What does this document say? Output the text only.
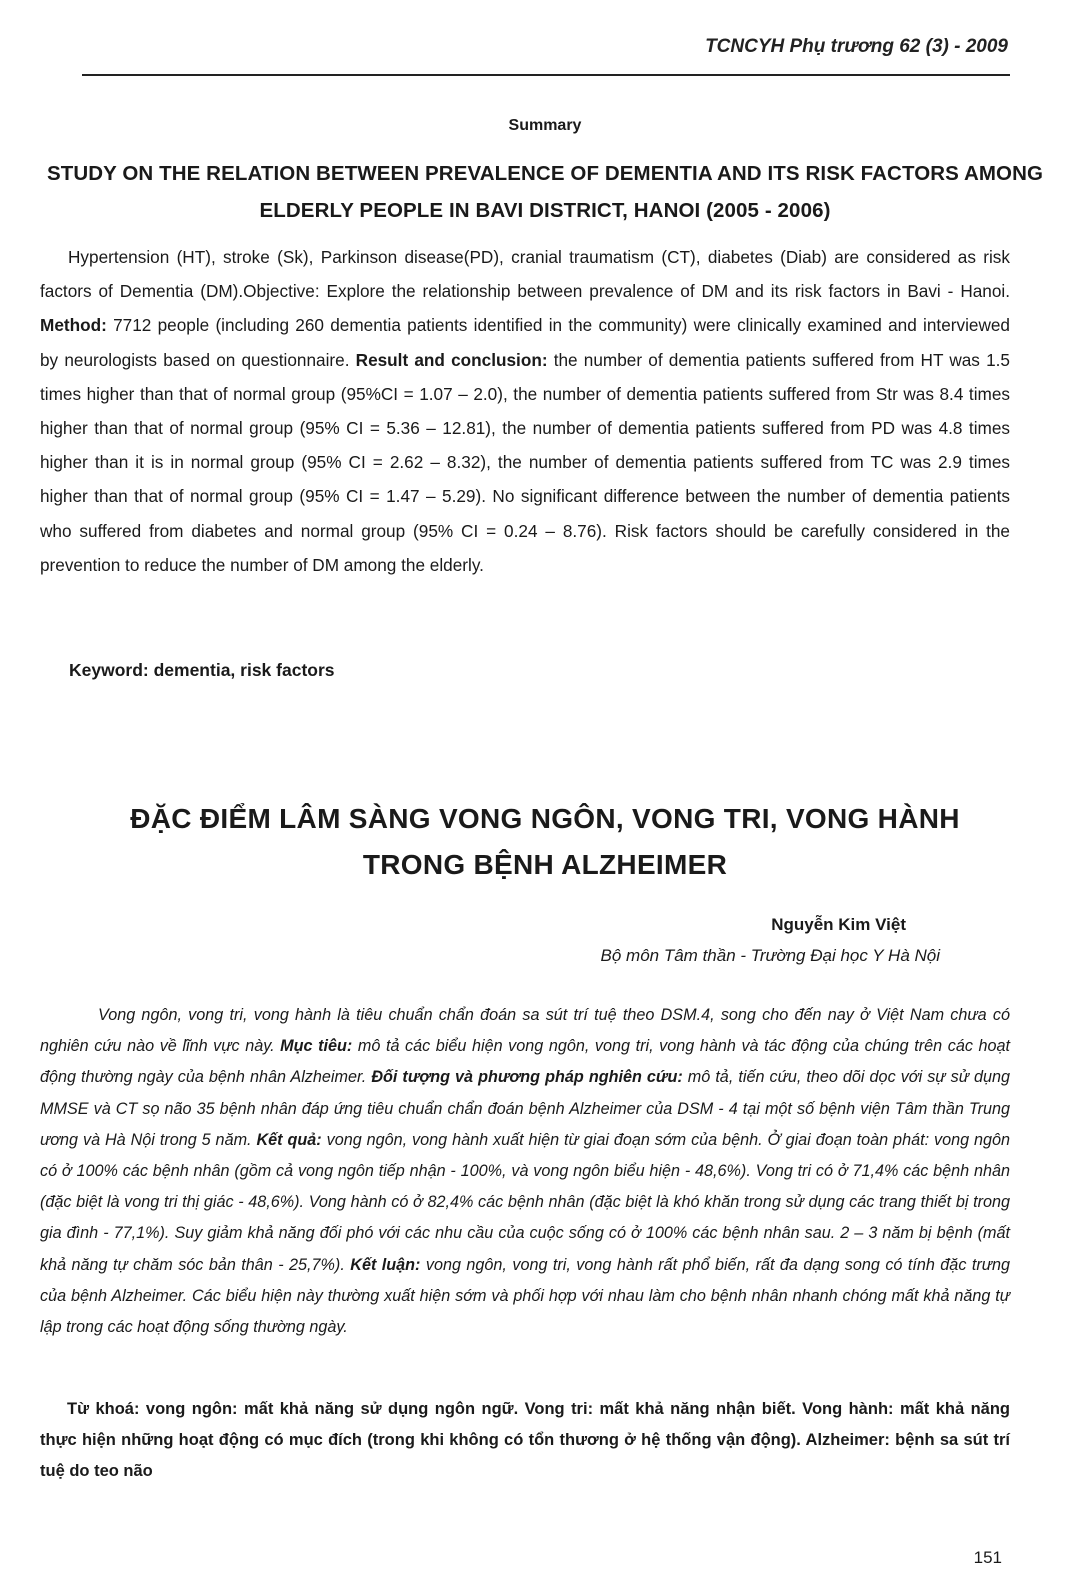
TCNCYH Phụ trương 62 (3) - 2009
Summary
STUDY ON THE RELATION BETWEEN PREVALENCE OF DEMENTIA AND ITS RISK FACTORS AMONG ELDERLY PEOPLE IN BAVI DISTRICT, HANOI (2005 - 2006)
Hypertension (HT), stroke (Sk), Parkinson disease(PD), cranial traumatism (CT), diabetes (Diab) are considered as risk factors of Dementia (DM).Objective: Explore the relationship between prevalence of DM and its risk factors in Bavi - Hanoi. Method: 7712 people (including 260 dementia patients identified in the community) were clinically examined and interviewed by neurologists based on questionnaire. Result and conclusion: the number of dementia patients suffered from HT was 1.5 times higher than that of normal group (95%CI = 1.07 – 2.0), the number of dementia patients suffered from Str was 8.4 times higher than that of normal group (95% CI = 5.36 – 12.81), the number of dementia patients suffered from PD was 4.8 times higher than it is in normal group (95% CI = 2.62 – 8.32), the number of dementia patients suffered from TC was 2.9 times higher than that of normal group (95% CI = 1.47 – 5.29). No significant difference between the number of dementia patients who suffered from diabetes and normal group (95% CI = 0.24 – 8.76). Risk factors should be carefully considered in the prevention to reduce the number of DM among the elderly.
Keyword: dementia, risk factors
ĐẶC ĐIỂM LÂM SÀNG VONG NGÔN, VONG TRI, VONG HÀNH
TRONG BỆNH ALZHEIMER
Nguyễn Kim Việt
Bộ môn Tâm thần - Trường Đại học Y Hà Nội
Vong ngôn, vong tri, vong hành là tiêu chuẩn chẩn đoán sa sút trí tuệ theo DSM.4, song cho đến nay ở Việt Nam chưa có nghiên cứu nào về lĩnh vực này. Mục tiêu: mô tả các biểu hiện vong ngôn, vong tri, vong hành và tác động của chúng trên các hoạt động thường ngày của bệnh nhân Alzheimer. Đối tượng và phương pháp nghiên cứu: mô tả, tiến cứu, theo dõi dọc với sự sử dụng MMSE và CT sọ não 35 bệnh nhân đáp ứng tiêu chuẩn chẩn đoán bệnh Alzheimer của DSM - 4 tại một số bệnh viện Tâm thần Trung ương và Hà Nội trong 5 năm. Kết quả: vong ngôn, vong hành xuất hiện từ giai đoạn sớm của bệnh. Ở giai đoạn toàn phát: vong ngôn có ở 100% các bệnh nhân (gồm cả vong ngôn tiếp nhận - 100%, và vong ngôn biểu hiện - 48,6%). Vong tri có ở 71,4% các bệnh nhân (đặc biệt là vong tri thị giác - 48,6%). Vong hành có ở 82,4% các bệnh nhân (đặc biệt là khó khăn trong sử dụng các trang thiết bị trong gia đình - 77,1%). Suy giảm khả năng đối phó với các nhu cầu của cuộc sống có ở 100% các bệnh nhân sau. 2 – 3 năm bị bệnh (mất khả năng tự chăm sóc bản thân - 25,7%). Kết luận: vong ngôn, vong tri, vong hành rất phổ biến, rất đa dạng song có tính đặc trưng của bệnh Alzheimer. Các biểu hiện này thường xuất hiện sớm và phối hợp với nhau làm cho bệnh nhân nhanh chóng mất khả năng tự lập trong các hoạt động sống thường ngày.
Từ khoá: vong ngôn: mất khả năng sử dụng ngôn ngữ. Vong tri: mất khả năng nhận biết. Vong hành: mất khả năng thực hiện những hoạt động có mục đích (trong khi không có tổn thương ở hệ thống vận động). Alzheimer: bệnh sa sút trí tuệ do teo não
151
